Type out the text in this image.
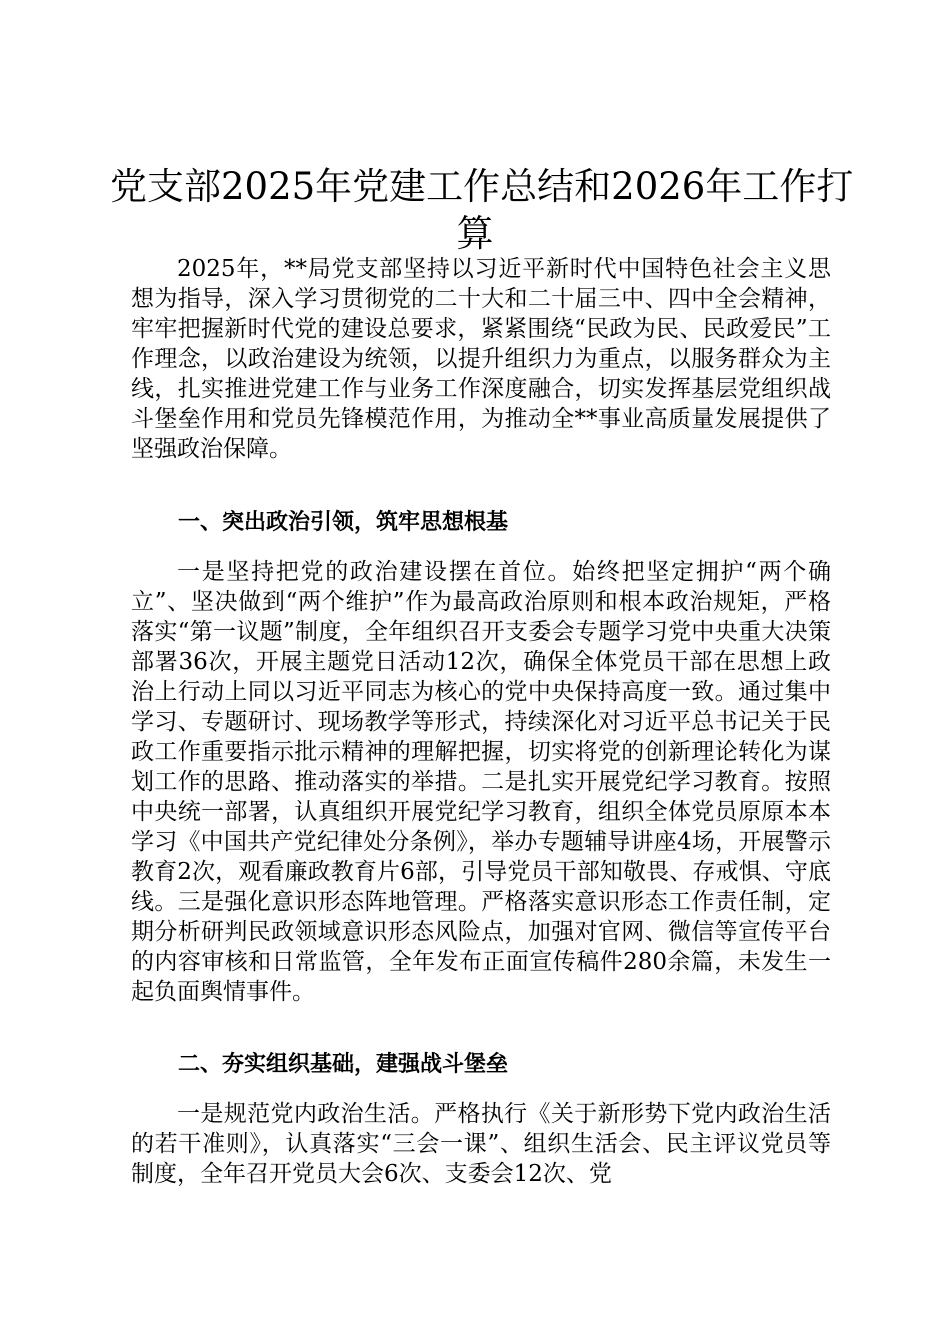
党支部2025年党建工作总结和2026年工作打
算

2025年，**局党支部坚持以习近平新时代中国特色社会主义思想为指导，深入学习贯彻党的二十大和二十届三中、四中全会精神，牢牢把握新时代党的建设总要求，紧紧围绕“民政为民、民政爱民”工作理念，以政治建设为统领，以提升组织力为重点，以服务群众为主线，扎实推进党建工作与业务工作深度融合，切实发挥基层党组织战斗堡垒作用和党员先锋模范作用，为推动全**事业高质量发展提供了坚强政治保障。

一、突出政治引领，筑牢思想根基

一是坚持把党的政治建设摆在首位。始终把坚定拥护“两个确立”、坚决做到“两个维护”作为最高政治原则和根本政治规矩，严格落实“第一议题”制度，全年组织召开支委会专题学习党中央重大决策部署36次，开展主题党日活动12次，确保全体党员干部在思想上政治上行动上同以习近平同志为核心的党中央保持高度一致。通过集中学习、专题研讨、现场教学等形式，持续深化对习近平总书记关于民政工作重要指示批示精神的理解把握，切实将党的创新理论转化为谋划工作的思路、推动落实的举措。二是扎实开展党纪学习教育。按照中央统一部署，认真组织开展党纪学习教育，组织全体党员原原本本学习《中国共产党纪律处分条例》，举办专题辅导讲座4场，开展警示教育2次，观看廉政教育片6部，引导党员干部知敬畏、存戒惧、守底线。三是强化意识形态阵地管理。严格落实意识形态工作责任制，定期分析研判民政领域意识形态风险点，加强对官网、微信等宣传平台的内容审核和日常监管，全年发布正面宣传稿件280余篇，未发生一起负面舆情事件。

二、夯实组织基础，建强战斗堡垒

一是规范党内政治生活。严格执行《关于新形势下党内政治生活的若干准则》，认真落实“三会一课”、组织生活会、民主评议党员等制度，全年召开党员大会6次、支委会12次、党
